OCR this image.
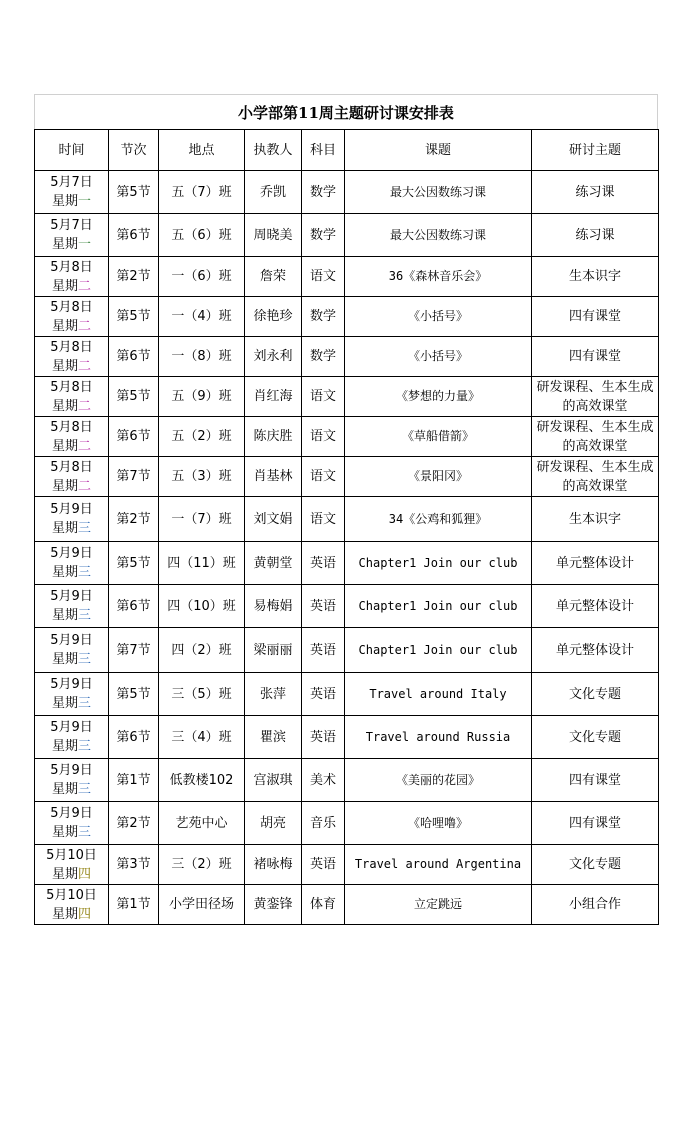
小学部第11周主题研讨课安排表
时间	节次	地点	执教人	科目	课题	研讨主题

5月7日
星期一	第5节	五（7）班	乔凯	数学	最大公因数练习课	练习课

5月7日
星期一	第6节	五（6）班	周晓美	数学	最大公因数练习课	练习课

5月8日
星期二	第2节	一（6）班	詹荣	语文	36《森林音乐会》	生本识字

5月8日
星期二	第5节	一（4）班	徐艳珍	数学	《小括号》	四有课堂

5月8日
星期二	第6节	一（8）班	刘永利	数学	《小括号》	四有课堂

5月8日
星期二	第5节	五（9）班	肖红海	语文	《梦想的力量》	研发课程、生本生成的高效课堂

5月8日
星期二	第6节	五（2）班	陈庆胜	语文	《草船借箭》	研发课程、生本生成的高效课堂

5月8日
星期二	第7节	五（3）班	肖基林	语文	《景阳冈》	研发课程、生本生成的高效课堂

5月9日
星期三	第2节	一（7）班	刘文娟	语文	34《公鸡和狐狸》	生本识字

5月9日
星期三	第5节	四（11）班	黄朝堂	英语	Chapter1 Join our club	单元整体设计

5月9日
星期三	第6节	四（10）班	易梅娟	英语	Chapter1 Join our club	单元整体设计

5月9日
星期三	第7节	四（2）班	梁丽丽	英语	Chapter1 Join our club	单元整体设计

5月9日
星期三	第5节	三（5）班	张萍	英语	Travel around Italy	文化专题

5月9日
星期三	第6节	三（4）班	瞿滨	英语	Travel around Russia	文化专题

5月9日
星期三	第1节	低教楼102	宫淑琪	美术	《美丽的花园》	四有课堂

5月9日
星期三	第2节	艺苑中心	胡亮	音乐	《哈哩噜》	四有课堂

5月10日
星期四	第3节	三（2）班	褚咏梅	英语	Travel around Argentina	文化专题

5月10日
星期四	第1节	小学田径场	黄銮锋	体育	立定跳远	小组合作
